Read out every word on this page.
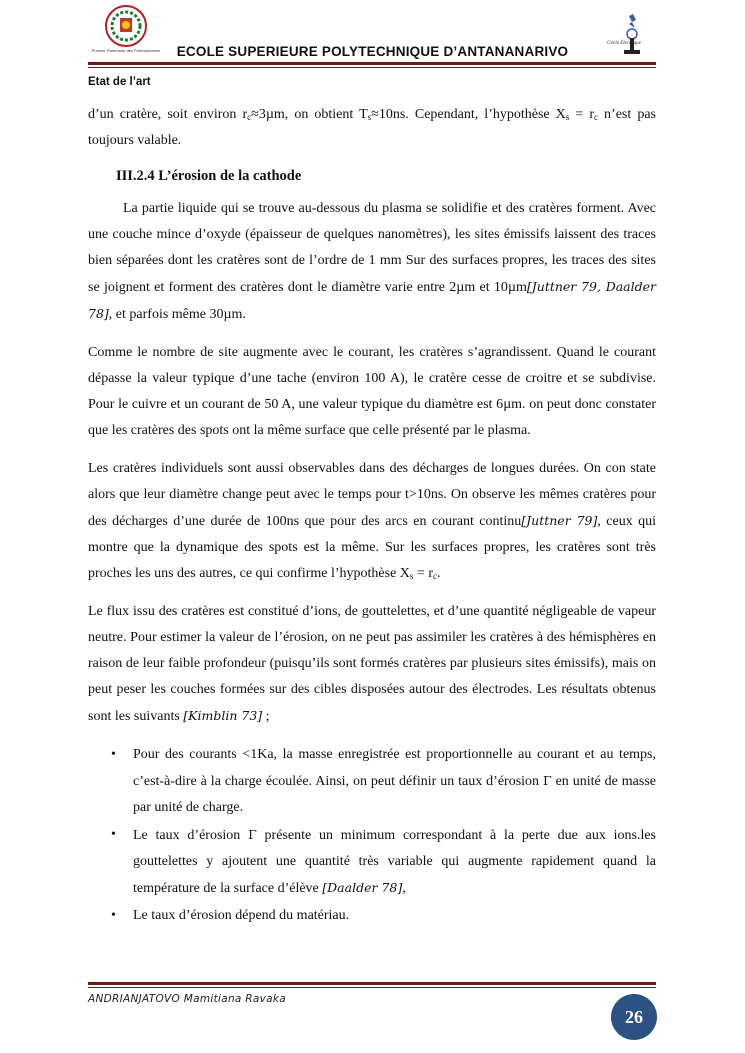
Premier Partenaire des Professionnels
Génie Électrique
ECOLE SUPERIEURE POLYTECHNIQUE D’ANTANANARIVO
Etat de l’art

d’un cratère, soit environ $r_c\approx 3\mu m$, on obtient $T_s\approx 10ns$. Cependant, l’hypothèse $X_s = r_c$ n’est pas toujours valable.

III.2.4 L’érosion de la cathode

La partie liquide qui se trouve au-dessous du plasma se solidifie et des cratères forment. Avec une couche mince d’oxyde (épaisseur de quelques nanomètres), les sites émissifs laissent des traces bien séparées dont les cratères sont de l’ordre de 1 mm Sur des surfaces propres, les traces des sites se joignent et forment des cratères dont le diamètre varie entre 2µm et 10µm[Juttner 79, Daalder 78], et parfois même 30µm.

Comme le nombre de site augmente avec le courant, les cratères s’agrandissent. Quand le courant dépasse la valeur typique d’une tache (environ 100 A), le cratère cesse de croitre et se subdivise. Pour le cuivre et un courant de 50 A, une valeur typique du diamètre est 6µm. on peut donc constater que les cratères des spots ont la même surface que celle présenté par le plasma.

Les cratères individuels sont aussi observables dans des décharges de longues durées. On con state alors que leur diamètre change peut avec le temps pour t>10ns. On observe les mêmes cratères pour des décharges d’une durée de 100ns que pour des arcs en courant continu[Juttner 79], ceux qui montre que la dynamique des spots est la même. Sur les surfaces propres, les cratères sont très proches les uns des autres, ce qui confirme l’hypothèse $X_s = r_c$.

Le flux issu des cratères est constitué d’ions, de gouttelettes, et d’une quantité négligeable de vapeur neutre. Pour estimer la valeur de l’érosion, on ne peut pas assimiler les cratères à des hémisphères en raison de leur faible profondeur (puisqu’ils sont formés cratères par plusieurs sites émissifs), mais on peut peser les couches formées sur des cibles disposées autour des électrodes. Les résultats obtenus sont les suivants [Kimblin 73] ;

• Pour des courants <1Ka, la masse enregistrée est proportionnelle au courant et au temps, c’est-à-dire à la charge écoulée. Ainsi, on peut définir un taux d’érosion Γ en unité de masse par unité de charge.
• Le taux d’érosion Γ présente un minimum correspondant à la perte due aux ions.les gouttelettes y ajoutent une quantité très variable qui augmente rapidement quand la température de la surface d’élève [Daalder 78],
• Le taux d’érosion dépend du matériau.
ANDRIANJATOVO Mamitiana Ravaka
26
